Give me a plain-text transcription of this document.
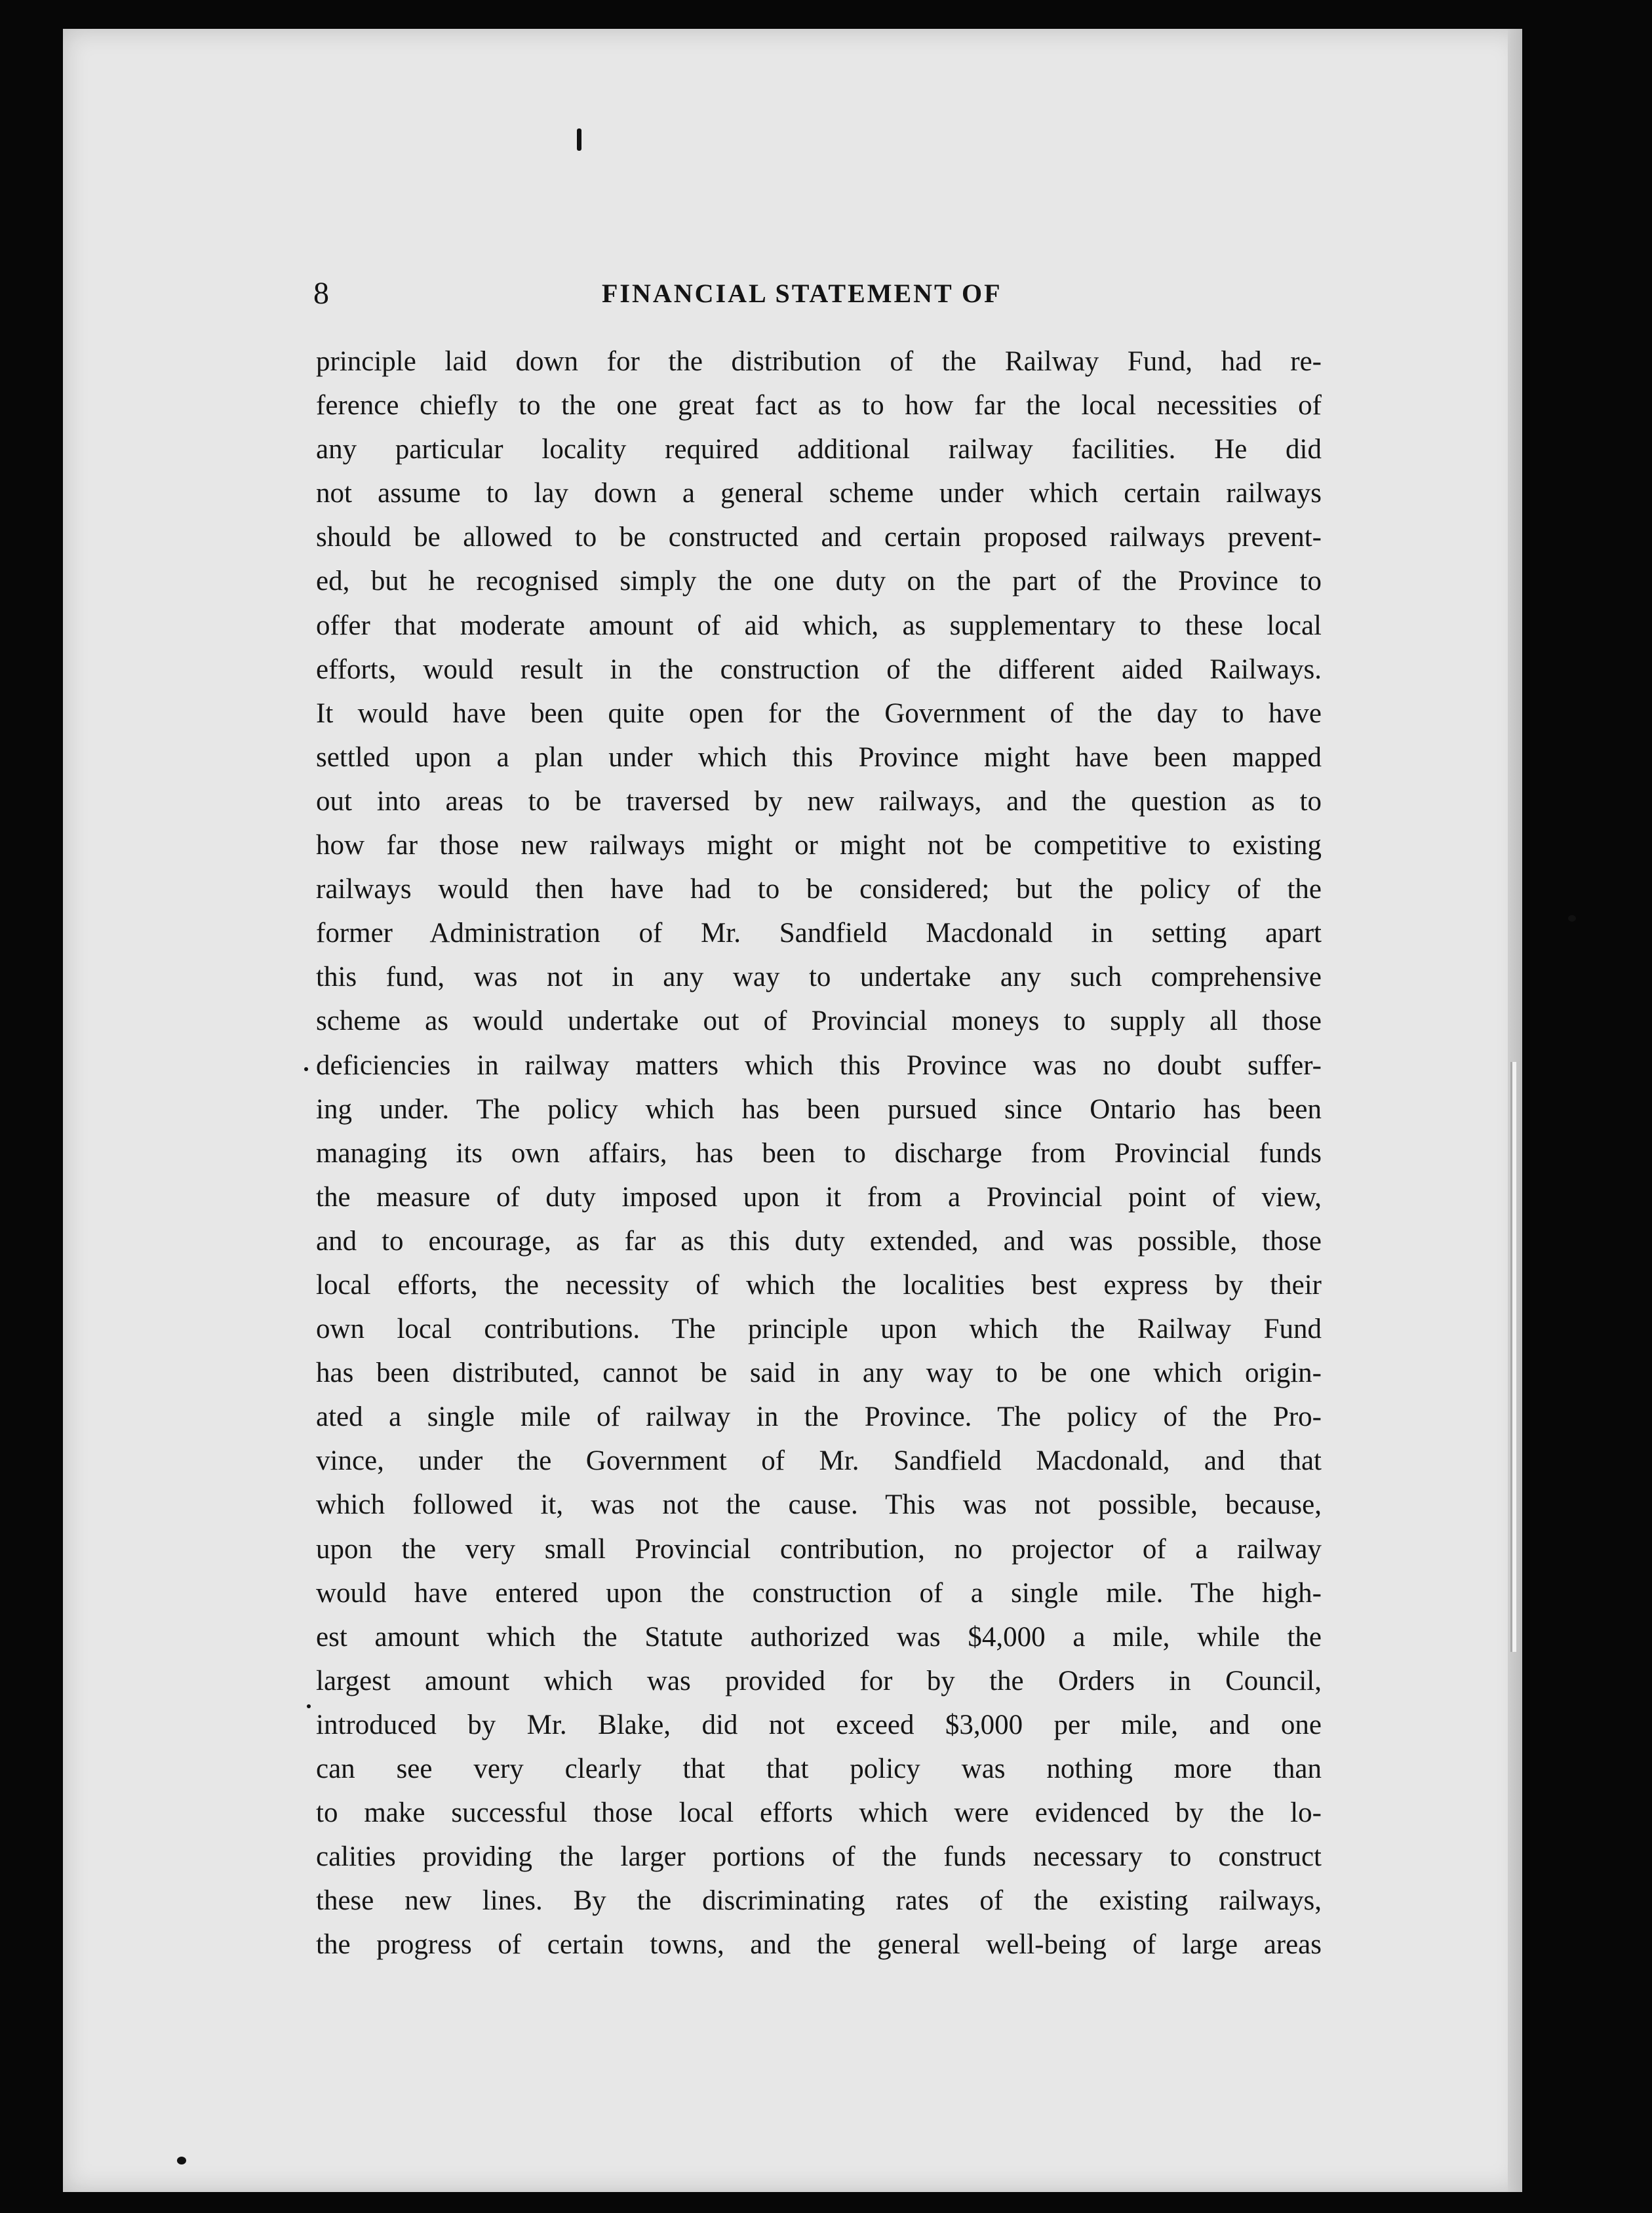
8	FINANCIAL STATEMENT OF
principle laid down for the distribution of the Railway Fund, had re-
ference chiefly to the one great fact as to how far the local necessities of
any particular locality required additional railway facilities. He did
not assume to lay down a general scheme under which certain railways
should be allowed to be constructed and certain proposed railways prevent-
ed, but he recognised simply the one duty on the part of the Province to
offer that moderate amount of aid which, as supplementary to these local
efforts, would result in the construction of the different aided Railways.
It would have been quite open for the Government of the day to have
settled upon a plan under which this Province might have been mapped
out into areas to be traversed by new railways, and the question as to
how far those new railways might or might not be competitive to existing
railways would then have had to be considered; but the policy of the
former Administration of Mr. Sandfield Macdonald in setting apart
this fund, was not in any way to undertake any such comprehensive
scheme as would undertake out of Provincial moneys to supply all those
deficiencies in railway matters which this Province was no doubt suffer-
ing under. The policy which has been pursued since Ontario has been
managing its own affairs, has been to discharge from Provincial funds
the measure of duty imposed upon it from a Provincial point of view,
and to encourage, as far as this duty extended, and was possible, those
local efforts, the necessity of which the localities best express by their
own local contributions. The principle upon which the Railway Fund
has been distributed, cannot be said in any way to be one which origin-
ated a single mile of railway in the Province. The policy of the Pro-
vince, under the Government of Mr. Sandfield Macdonald, and that
which followed it, was not the cause. This was not possible, because,
upon the very small Provincial contribution, no projector of a railway
would have entered upon the construction of a single mile. The high-
est amount which the Statute authorized was $4,000 a mile, while the
largest amount which was provided for by the Orders in Council,
introduced by Mr. Blake, did not exceed $3,000 per mile, and one
can see very clearly that that policy was nothing more than
to make successful those local efforts which were evidenced by the lo-
calities providing the larger portions of the funds necessary to construct
these new lines. By the discriminating rates of the existing railways,
the progress of certain towns, and the general well-being of large areas
